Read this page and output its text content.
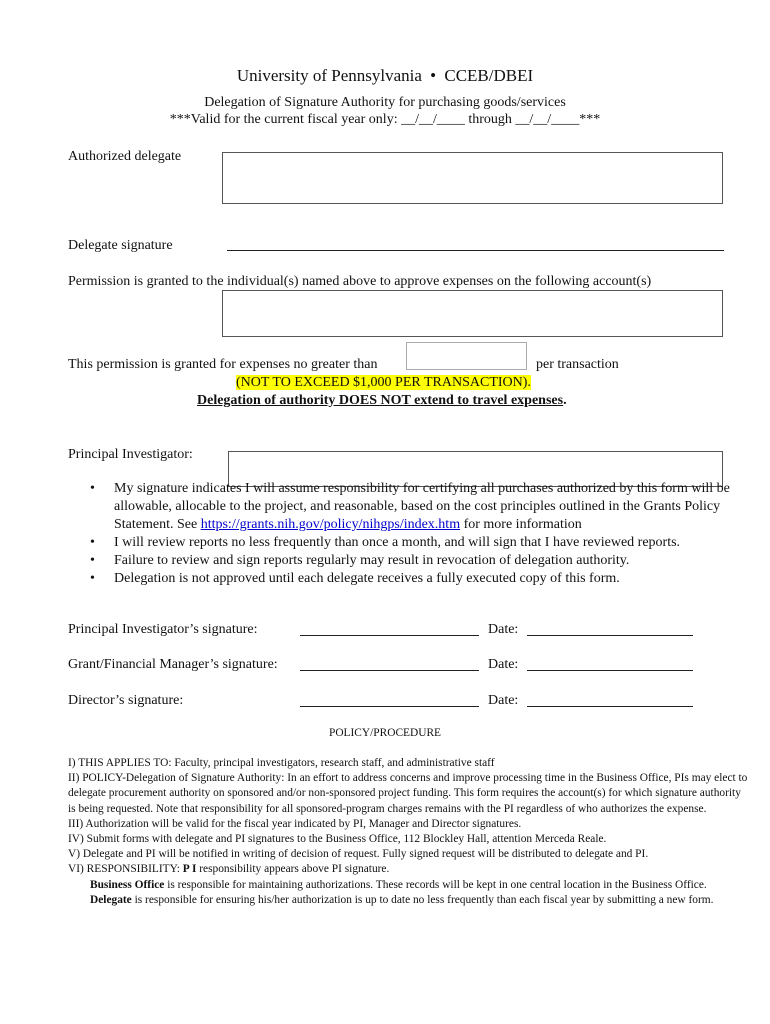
University of Pennsylvania • CCEB/DBEI
Delegation of Signature Authority for purchasing goods/services
***Valid for the current fiscal year only: __/__/____ through __/__/____***
Authorized delegate
Delegate signature
Permission is granted to the individual(s) named above to approve expenses on the following account(s)
This permission is granted for expenses no greater than	per transaction
(NOT TO EXCEED $1,000 PER TRANSACTION).
Delegation of authority DOES NOT extend to travel expenses.
Principal Investigator:
• My signature indicates I will assume responsibility for certifying all purchases authorized by this form will be allowable, allocable to the project, and reasonable, based on the cost principles outlined in the Grants Policy Statement. See https://grants.nih.gov/policy/nihgps/index.htm for more information
• I will review reports no less frequently than once a month, and will sign that I have reviewed reports.
• Failure to review and sign reports regularly may result in revocation of delegation authority.
• Delegation is not approved until each delegate receives a fully executed copy of this form.
Principal Investigator’s signature:	Date:
Grant/Financial Manager’s signature:	Date:
Director’s signature:	Date:
POLICY/PROCEDURE

I) THIS APPLIES TO: Faculty, principal investigators, research staff, and administrative staff

II) POLICY-Delegation of Signature Authority: In an effort to address concerns and improve processing time in the Business Office, PIs may elect to delegate procurement authority on sponsored and/or non-sponsored project funding. This form requires the account(s) for which signature authority is being requested. Note that responsibility for all sponsored-program charges remains with the PI regardless of who authorizes the expense.

III) Authorization will be valid for the fiscal year indicated by PI, Manager and Director signatures.

IV) Submit forms with delegate and PI signatures to the Business Office, 112 Blockley Hall, attention Merceda Reale.

V) Delegate and PI will be notified in writing of decision of request. Fully signed request will be distributed to delegate and PI.

VI) RESPONSIBILITY: P I responsibility appears above PI signature.

Business Office is responsible for maintaining authorizations. These records will be kept in one central location in the Business Office.

Delegate is responsible for ensuring his/her authorization is up to date no less frequently than each fiscal year by submitting a new form.
